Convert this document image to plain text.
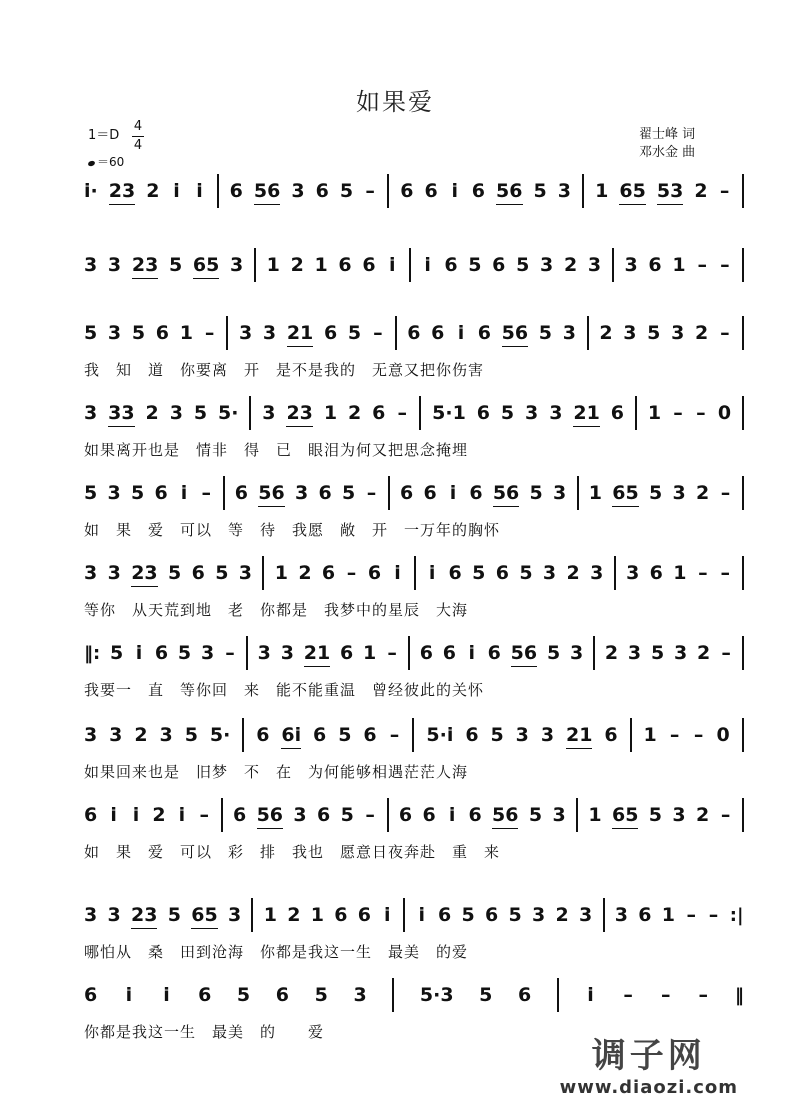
如果爱
1＝D
4
4
＝60
翟士峰 词
邓水金 曲
i· 23 2 i i 6 56 3 6 5 – 6 6 i 6 56 5 3 1 65 53 2 –
3 3 23 5 65 3 1 2 1 6 6 i i 6 5 6 5 3 2 3 3 6 1 – –
5 3 5 6 1 – 3 3 21 6 5 – 6 6 i 6 56 5 3 2 3 5 3 2 –
我　知　道　你要离　开　是不是我的　无意又把你伤害
3 33 2 3 5 5· 3 23 1 2 6 – 5·1 6 5 3 3 21 6 1 – – 0
如果离开也是　情非　得　已　眼泪为何又把思念掩埋
5 3 5 6 i – 6 56 3 6 5 – 6 6 i 6 56 5 3 1 65 5 3 2 –
如　果　爱　可以　等　待　我愿　敞　开　一万年的胸怀
3 3 23 5 6 5 3 1 2 6 – 6 i i 6 5 6 5 3 2 3 3 6 1 – –
等你　从天荒到地　老　你都是　我梦中的星辰　大海
‖: 5 i 6 5 3 – 3 3 21 6 1 – 6 6 i 6 56 5 3 2 3 5 3 2 –
我要一　直　等你回　来　能不能重温　曾经彼此的关怀
3 3 2 3 5 5· 6 6i 6 5 6 – 5·i 6 5 3 3 21 6 1 – – 0
如果回来也是　旧梦　不　在　为何能够相遇茫茫人海
6 i i 2 i – 6 56 3 6 5 – 6 6 i 6 56 5 3 1 65 5 3 2 –
如　果　爱　可以　彩　排　我也　愿意日夜奔赴　重　来
3 3 23 5 65 3 1 2 1 6 6 i i 6 5 6 5 3 2 3 3 6 1 – – :|
哪怕从　桑　田到沧海　你都是我这一生　最美　的爱
6 i i 6 5 6 5 3	5·3 5 6	i – – – ‖
你都是我这一生　最美　的　　爱
调子网
www.diaozi.com
